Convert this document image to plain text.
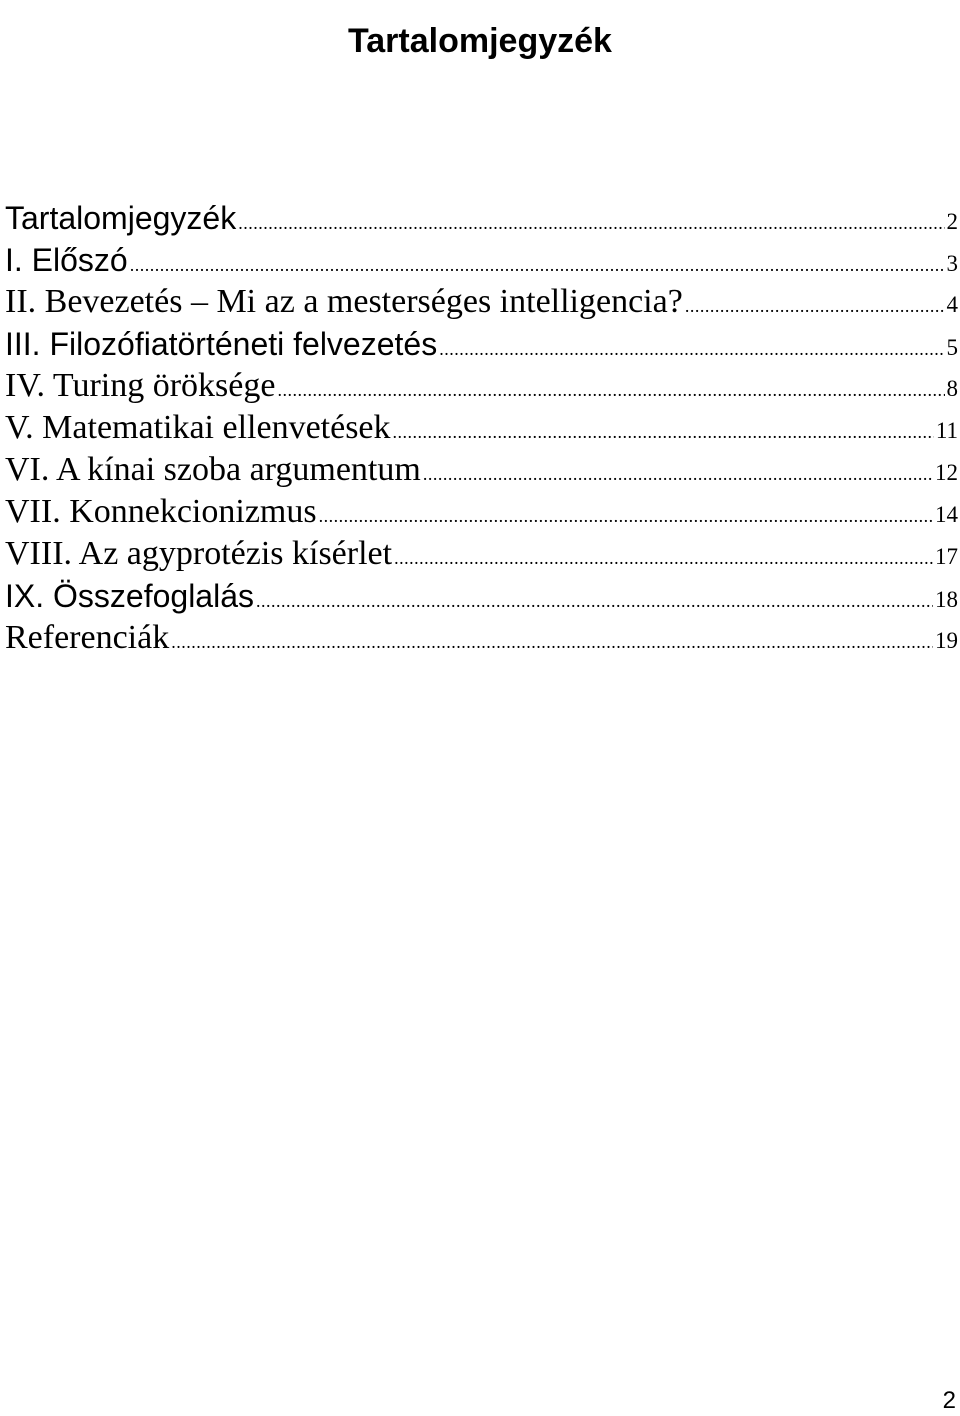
Tartalomjegyzék
Tartalomjegyzék .....	2
I. Előszó .....	3
II. Bevezetés – Mi az a mesterséges intelligencia? .....	4
III. Filozófiatörténeti felvezetés .....	5
IV. Turing öröksége .....	8
V. Matematikai ellenvetések .....	11
VI. A kínai szoba argumentum .....	12
VII. Konnekcionizmus .....	14
VIII. Az agyprotézis kísérlet .....	17
IX. Összefoglalás .....	18
Referenciák .....	19
2
